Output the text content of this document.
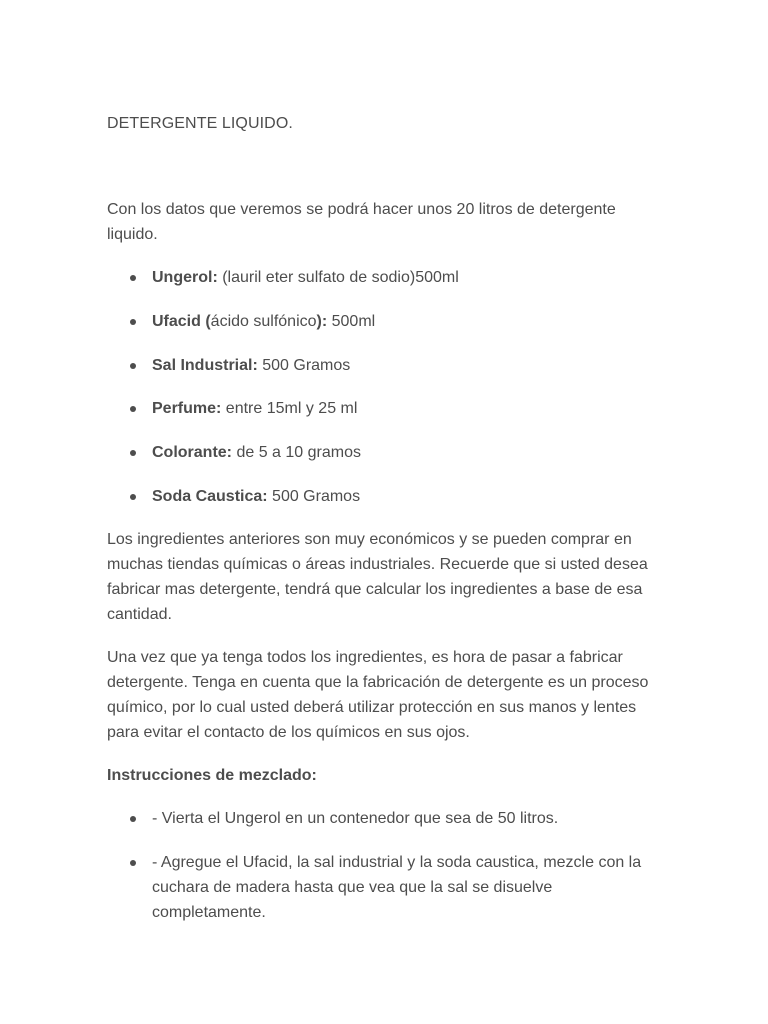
DETERGENTE LIQUIDO.

Con los datos que veremos se podrá hacer unos 20 litros de detergente liquido.

Ungerol: (lauril eter sulfato de sodio)500ml
Ufacid (ácido sulfónico): 500ml
Sal Industrial: 500 Gramos
Perfume: entre 15ml y 25 ml
Colorante: de 5 a 10 gramos
Soda Caustica: 500 Gramos

Los ingredientes anteriores son muy económicos y se pueden comprar en muchas tiendas químicas o áreas industriales. Recuerde que si usted desea fabricar mas detergente, tendrá que calcular los ingredientes a base de esa cantidad.

Una vez que ya tenga todos los ingredientes, es hora de pasar a fabricar detergente. Tenga en cuenta que la fabricación de detergente es un proceso químico, por lo cual usted deberá utilizar protección en sus manos y lentes para evitar el contacto de los químicos en sus ojos.

Instrucciones de mezclado:

- Vierta el Ungerol en un contenedor que sea de 50 litros.
- Agregue el Ufacid, la sal industrial y la soda caustica, mezcle con la cuchara de madera hasta que vea que la sal se disuelve completamente.
